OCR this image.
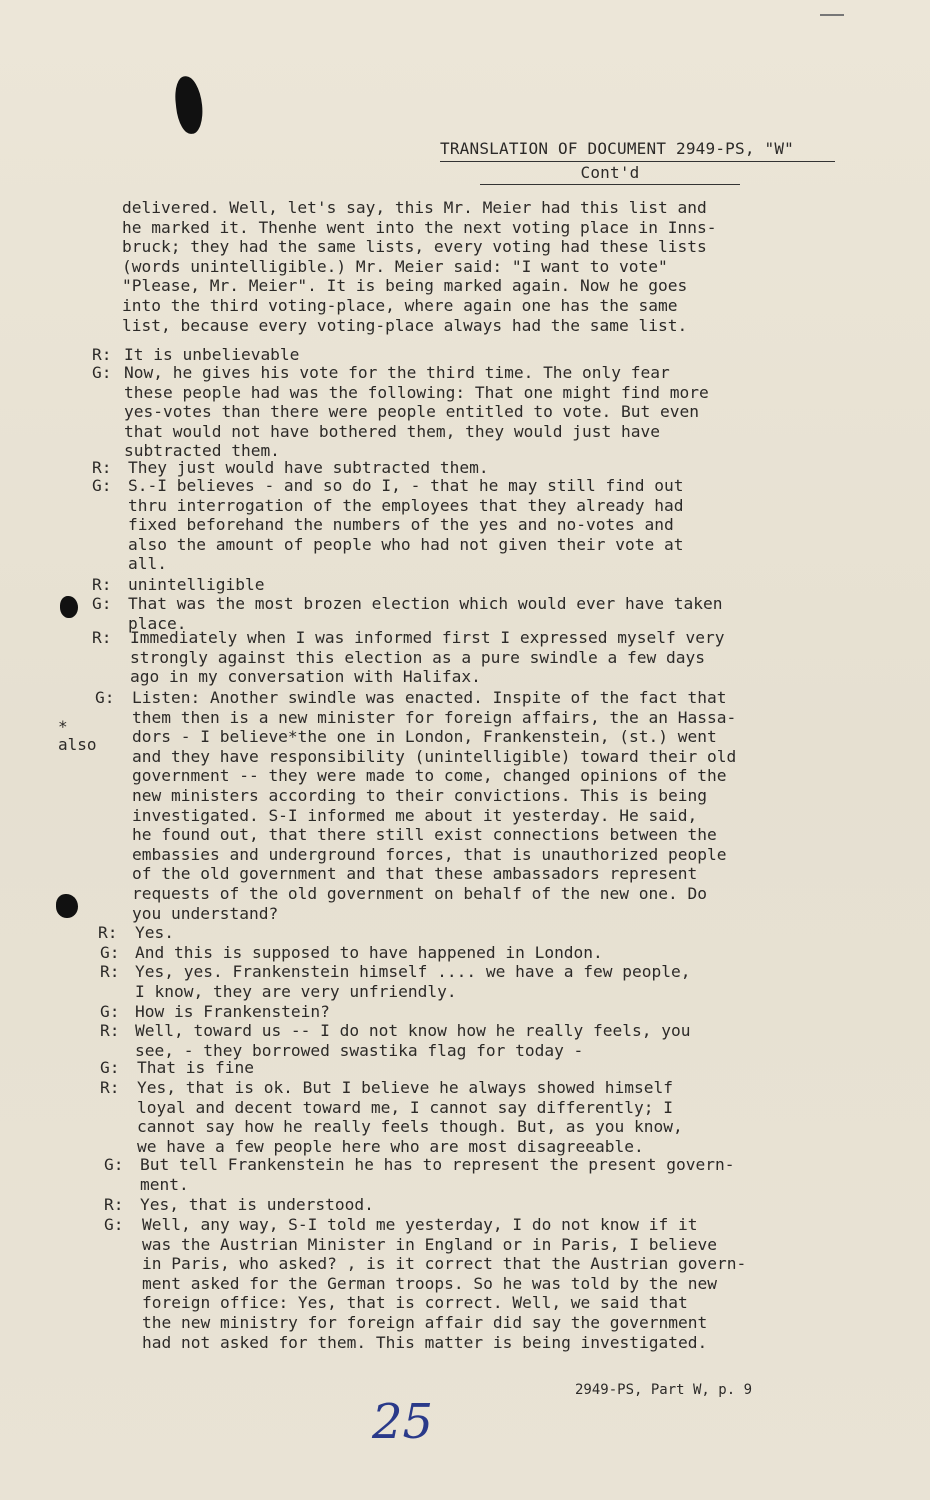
TRANSLATION OF DOCUMENT 2949-PS, "W"
Cont'd
delivered. Well, let's say, this Mr. Meier had this list and
he marked it. Thenhe went into the next voting place in Inns-
bruck; they had the same lists, every voting had these lists
(words unintelligible.) Mr. Meier said: "I want to vote"
"Please, Mr. Meier". It is being marked again. Now he goes
into the third voting-place, where again one has the same
list, because every voting-place always had the same list.
*
also
R: It is unbelievable
G: Now, he gives his vote for the third time. The only fear
these people had was the following: That one might find more
yes-votes than there were people entitled to vote. But even
that would not have bothered them, they would just have
subtracted them.
R:	They just would have subtracted them.
G:	S.-I believes - and so do I, - that he may still find out
thru interrogation of the employees that they already had
fixed beforehand the numbers of the yes and no-votes and
also the amount of people who had not given their vote at
all.
R:	unintelligible
G:	That was the most brozen election which would ever have taken
place.
R:	Immediately when I was informed first I expressed myself very
strongly against this election as a pure swindle a few days
ago in my conversation with Halifax.
G:	Listen: Another swindle was enacted. Inspite of the fact that
them then is a new minister for foreign affairs, the an Hassa-
dors - I believe*the one in London, Frankenstein, (st.) went
and they have responsibility (unintelligible) toward their old
government -- they were made to come, changed opinions of the
new ministers according to their convictions. This is being
investigated. S-I informed me about it yesterday. He said,
he found out, that there still exist connections between the
embassies and underground forces, that is unauthorized people
of the old government and that these ambassadors represent
requests of the old government on behalf of the new one. Do
you understand?
R:	Yes.
G: And this is supposed to have happened in London.
R: Yes, yes. Frankenstein himself .... we have a few people,
I know, they are very unfriendly.
G: How is Frankenstein?
R: Well, toward us -- I do not know how he really feels, you
see, - they borrowed swastika flag for today -
G:	That is fine
R:	Yes, that is ok. But I believe he always showed himself
loyal and decent toward me, I cannot say differently; I
cannot say how he really feels though. But, as you know,
we have a few people here who are most disagreeable.
G:	But tell Frankenstein he has to represent the present govern-
ment.
R:	Yes, that is understood.
G:	Well, any way, S-I told me yesterday, I do not know if it
was the Austrian Minister in England or in Paris, I believe
in Paris, who asked? , is it correct that the Austrian govern-
ment asked for the German troops. So he was told by the new
foreign office: Yes, that is correct. Well, we said that
the new ministry for foreign affair did say the government
had not asked for them. This matter is being investigated.
25
2949-PS, Part W, p. 9
